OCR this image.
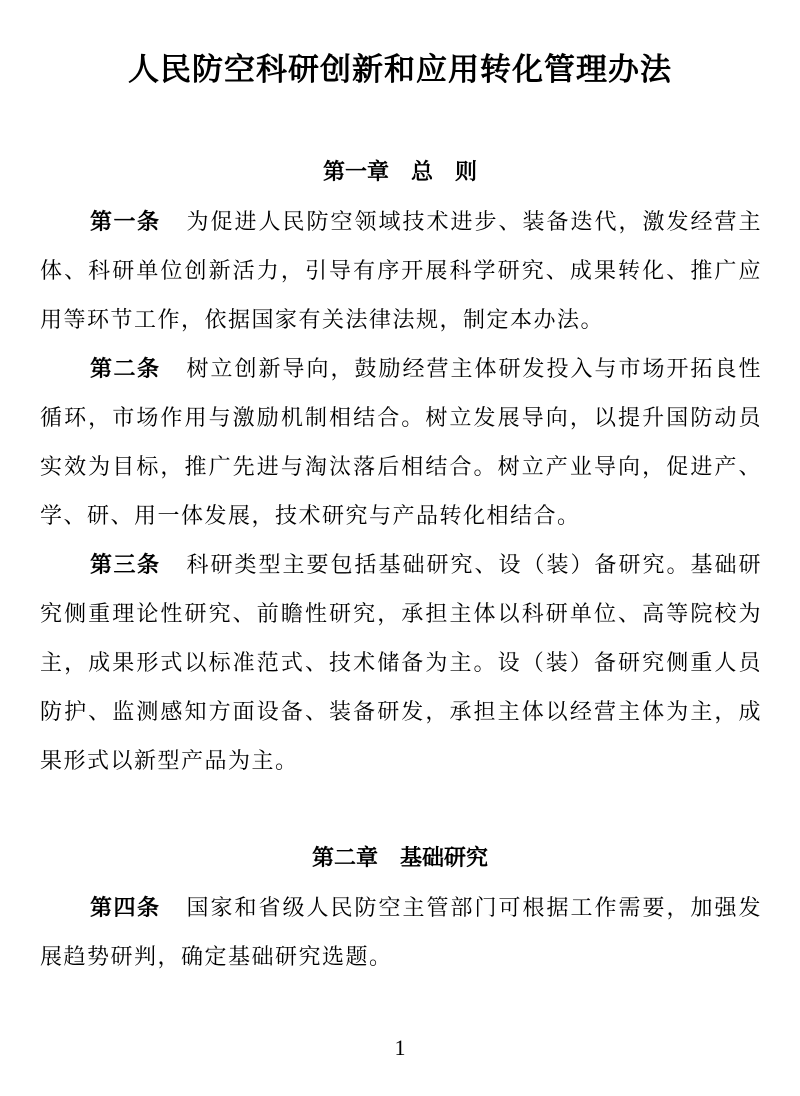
人民防空科研创新和应用转化管理办法
第一章　总　则

第一条 为促进人民防空领域技术进步、装备迭代，激发经营主体、科研单位创新活力，引导有序开展科学研究、成果转化、推广应用等环节工作，依据国家有关法律法规，制定本办法。

第二条 树立创新导向，鼓励经营主体研发投入与市场开拓良性循环，市场作用与激励机制相结合。树立发展导向，以提升国防动员实效为目标，推广先进与淘汰落后相结合。树立产业导向，促进产、学、研、用一体发展，技术研究与产品转化相结合。

第三条 科研类型主要包括基础研究、设（装）备研究。基础研究侧重理论性研究、前瞻性研究，承担主体以科研单位、高等院校为主，成果形式以标准范式、技术储备为主。设（装）备研究侧重人员防护、监测感知方面设备、装备研发，承担主体以经营主体为主，成果形式以新型产品为主。

第二章　基础研究

第四条 国家和省级人民防空主管部门可根据工作需要，加强发展趋势研判，确定基础研究选题。

1
